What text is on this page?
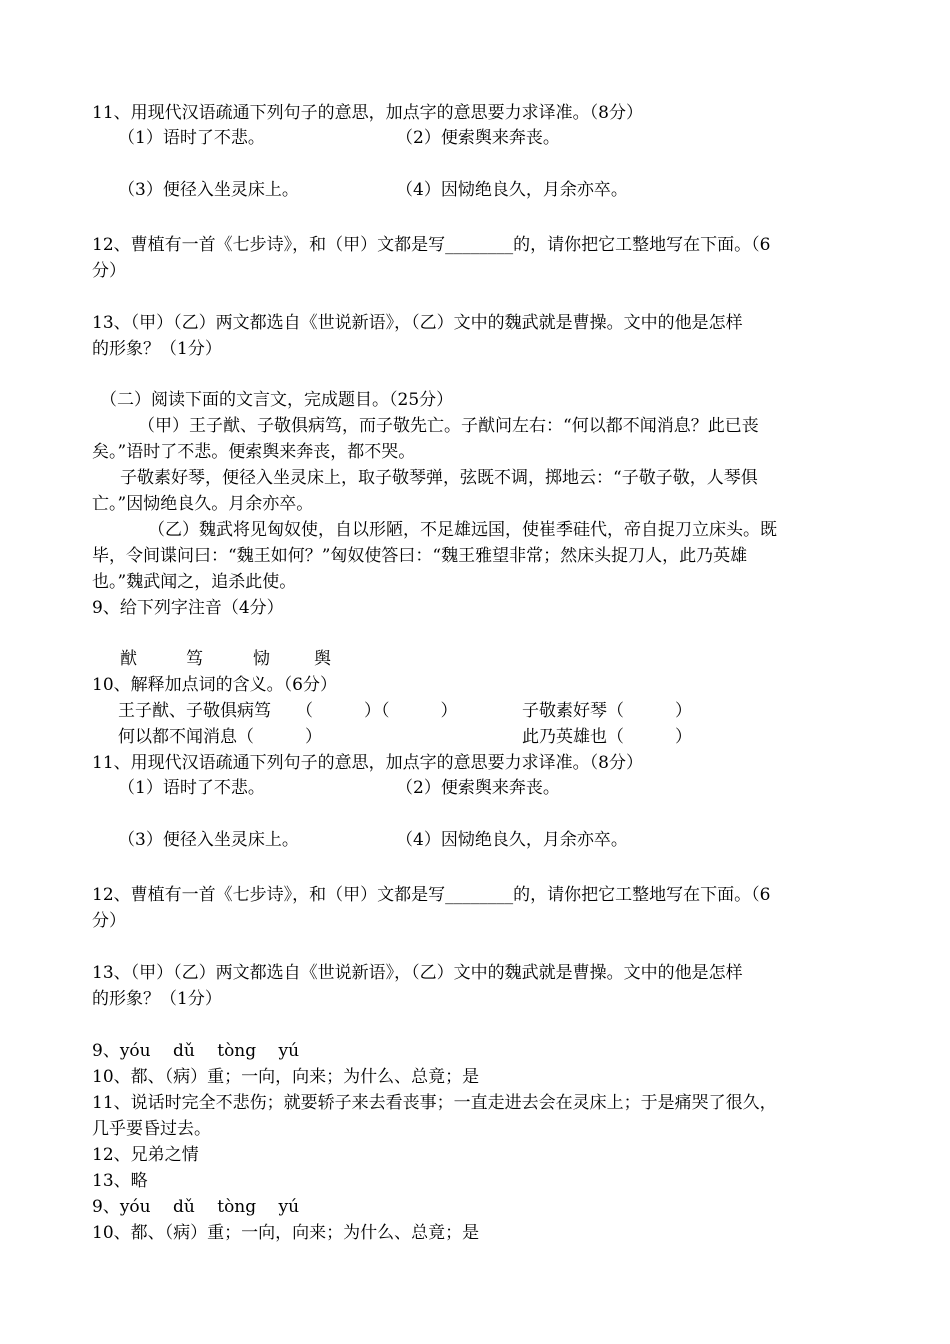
11、用现代汉语疏通下列句子的意思，加点字的意思要力求译准。（8分）
（1）语时了不悲。	（2）便索舆来奔丧。
（3）便径入坐灵床上。	（4）因恸绝良久，月余亦卒。
12、曹植有一首《七步诗》，和（甲）文都是写________的，请你把它工整地写在下面。（6
分）
13、（甲）（乙）两文都选自《世说新语》，（乙）文中的魏武就是曹操。文中的他是怎样
的形象？（1分）
（二）阅读下面的文言文，完成题目。（25分）
（甲）王子猷、子敬俱病笃，而子敬先亡。子猷问左右：“何以都不闻消息？此已丧
矣。”语时了不悲。便索舆来奔丧，都不哭。
子敬素好琴，便径入坐灵床上，取子敬琴弹，弦既不调，掷地云：“子敬子敬，人琴俱
亡。”因恸绝良久。月余亦卒。
（乙）魏武将见匈奴使，自以形陋，不足雄远国，使崔季硅代，帝自捉刀立床头。既
毕，令间谍问曰：“魏王如何？”匈奴使答曰：“魏王雅望非常；然床头捉刀人，此乃英雄
也。”魏武闻之，追杀此使。
9、给下列字注音（4分）
猷	笃	恸	舆
10、解释加点词的含义。（6分）
王子猷、子敬俱病笃 （　　　）（　　　）	子敬素好琴（　　　）
何以都不闻消息（　　　）	此乃英雄也（　　　）
11、用现代汉语疏通下列句子的意思，加点字的意思要力求译准。（8分）
（1）语时了不悲。	（2）便索舆来奔丧。
（3）便径入坐灵床上。	（4）因恸绝良久，月余亦卒。
12、曹植有一首《七步诗》，和（甲）文都是写________的，请你把它工整地写在下面。（6
分）
13、（甲）（乙）两文都选自《世说新语》，（乙）文中的魏武就是曹操。文中的他是怎样
的形象？（1分）
9、yóu　 dǔ　 tòng　 yú
10、都、（病）重；一向，向来；为什么、总竟；是
11、说话时完全不悲伤；就要轿子来去看丧事；一直走进去会在灵床上；于是痛哭了很久，
几乎要昏过去。
12、兄弟之情
13、略
9、yóu　 dǔ　 tòng　 yú
10、都、（病）重；一向，向来；为什么、总竟；是
